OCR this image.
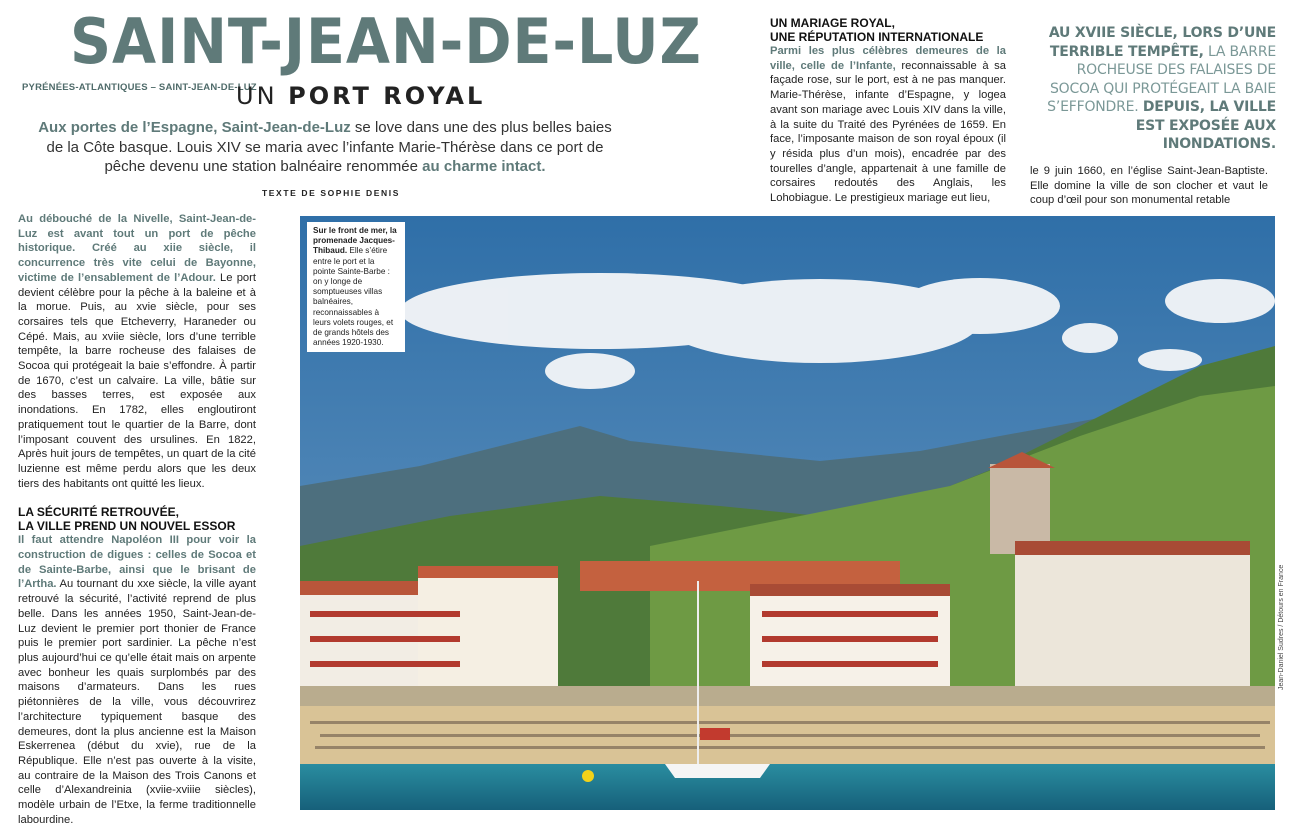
SAINT-JEAN-DE-LUZ
PYRÉNÉES-ATLANTIQUES – SAINT-JEAN-DE-LUZ
UN PORT ROYAL
Aux portes de l’Espagne, Saint-Jean-de-Luz se love dans une des plus belles baies de la Côte basque. Louis XIV se maria avec l’infante Marie-Thérèse dans ce port de pêche devenu une station balnéaire renommée au charme intact.
TEXTE DE SOPHIE DENIS

Au débouché de la Nivelle, Saint-Jean-de-Luz est avant tout un port de pêche historique. Créé au xiie siècle, il concurrence très vite celui de Bayonne, victime de l’ensablement de l’Adour. Le port devient célèbre pour la pêche à la baleine et à la morue. Puis, au xvie siècle, pour ses corsaires tels que Etcheverry, Haraneder ou Cépé. Mais, au xviie siècle, lors d’une terrible tempête, la barre rocheuse des falaises de Socoa qui protégeait la baie s’effondre. À partir de 1670, c’est un calvaire. La ville, bâtie sur des basses terres, est exposée aux inondations. En 1782, elles engloutiront pratiquement tout le quartier de la Barre, dont l’imposant couvent des ursulines. En 1822, Après huit jours de tempêtes, un quart de la cité luzienne est même perdu alors que les deux tiers des habitants ont quitté les lieux.

LA SÉCURITÉ RETROUVÉE,
LA VILLE PREND UN NOUVEL ESSOR

Il faut attendre Napoléon III pour voir la construction de digues : celles de Socoa et de Sainte-Barbe, ainsi que le brisant de l’Artha. Au tournant du xxe siècle, la ville ayant retrouvé la sécurité, l’activité reprend de plus belle. Dans les années 1950, Saint-Jean-de-Luz devient le premier port thonier de France puis le premier port sardinier. La pêche n’est plus aujourd’hui ce qu’elle était mais on arpente avec bonheur les quais surplombés par des maisons d’armateurs. Dans les rues piétonnières de la ville, vous découvrirez l’architecture typiquement basque des demeures, dont la plus ancienne est la Maison Eskerrenea (début du xvie), rue de la République. Elle n’est pas ouverte à la visite, au contraire de la Maison des Trois Canons et celle d’Alexandreinia (xviie-xviiie siècles), modèle urbain de l’Etxe, la ferme traditionnelle labourdine.

UN MARIAGE ROYAL,
UNE RÉPUTATION INTERNATIONALE

Parmi les plus célèbres demeures de la ville, celle de l’Infante, reconnaissable à sa façade rose, sur le port, est à ne pas manquer. Marie-Thérèse, infante d’Espagne, y logea avant son mariage avec Louis XIV dans la ville, à la suite du Traité des Pyrénées de 1659. En face, l’imposante maison de son royal époux (il y résida plus d’un mois), encadrée par des tourelles d’angle, appartenait à une famille de corsaires redoutés des Anglais, les Lohobiague. Le prestigieux mariage eut lieu,

AU XVIIE SIÈCLE, LORS D’UNE TERRIBLE TEMPÊTE, LA BARRE ROCHEUSE DES FALAISES DE SOCOA QUI PROTÉGEAIT LA BAIE S’EFFONDRE. DEPUIS, LA VILLE EST EXPOSÉE AUX INONDATIONS.
le 9 juin 1660, en l’église Saint-Jean-Baptiste. Elle domine la ville de son clocher et vaut le coup d’œil pour son monumental retable
Sur le front de mer, la promenade Jacques-Thibaud. Elle s’étire entre le port et la pointe Sainte-Barbe : on y longe de somptueuses villas balnéaires, reconnaissables à leurs volets rouges, et de grands hôtels des années 1920-1930.
Jean-Daniel Sudres / Détours en France
